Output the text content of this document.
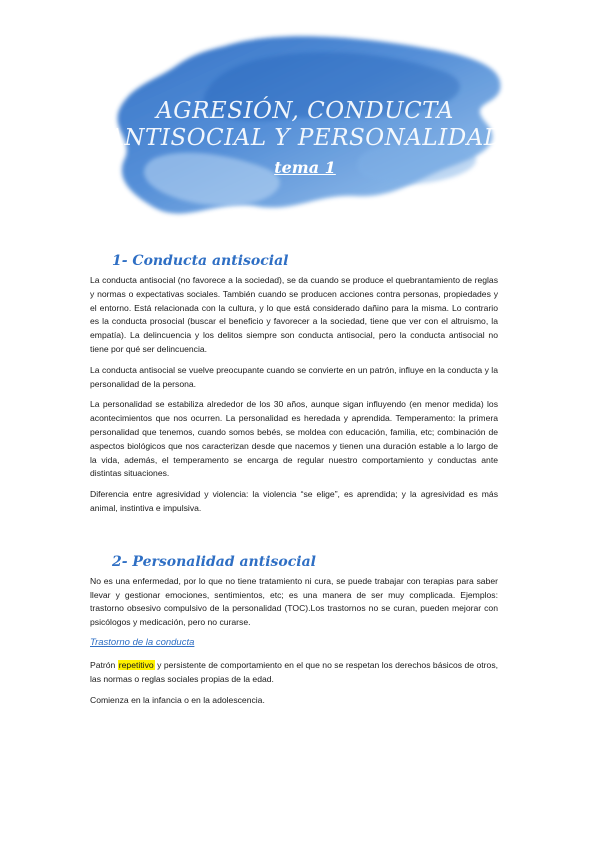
AGRESIÓN, CONDUCTA
ANTISOCIAL Y PERSONALIDAD
tema 1
1- Conducta antisocial

La conducta antisocial (no favorece a la sociedad), se da cuando se produce el quebrantamiento de reglas y normas o expectativas sociales. También cuando se producen acciones contra personas, propiedades y el entorno. Está relacionada con la cultura, y lo que está considerado dañino para la misma. Lo contrario es la conducta prosocial (buscar el beneficio y favorecer a la sociedad, tiene que ver con el altruismo, la empatía). La delincuencia y los delitos siempre son conducta antisocial, pero la conducta antisocial no tiene por qué ser delincuencia.

La conducta antisocial se vuelve preocupante cuando se convierte en un patrón, influye en la conducta y la personalidad de la persona.

La personalidad se estabiliza alrededor de los 30 años, aunque sigan influyendo (en menor medida) los acontecimientos que nos ocurren. La personalidad es heredada y aprendida. Temperamento: la primera personalidad que tenemos, cuando somos bebés, se moldea con educación, familia, etc; combinación de aspectos biológicos que nos caracterizan desde que nacemos y tienen una duración estable a lo largo de la vida, además, el temperamento se encarga de regular nuestro comportamiento y conductas ante distintas situaciones.

Diferencia entre agresividad y violencia: la violencia “se elige”, es aprendida; y la agresividad es más animal, instintiva e impulsiva.

2- Personalidad antisocial

No es una enfermedad, por lo que no tiene tratamiento ni cura, se puede trabajar con terapias para saber llevar y gestionar emociones, sentimientos, etc; es una manera de ser muy complicada. Ejemplos: trastorno obsesivo compulsivo de la personalidad (TOC).Los trastornos no se curan, pueden mejorar con psicólogos y medicación, pero no curarse.

Trastorno de la conducta

Patrón repetitivo y persistente de comportamiento en el que no se respetan los derechos básicos de otros, las normas o reglas sociales propias de la edad.

Comienza en la infancia o en la adolescencia.
